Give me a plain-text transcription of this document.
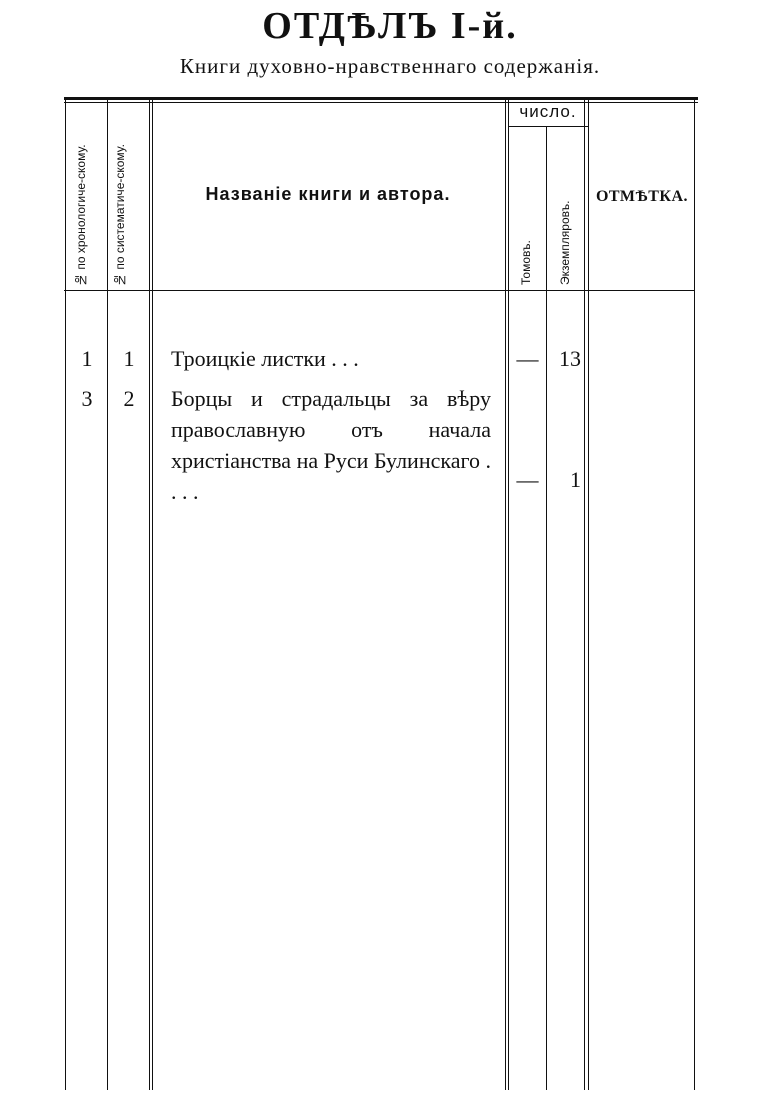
ОТДѢЛЪ I-й.
Книги духовно-нравственнаго содержанія.
№ по хронологиче-скому.	№ по систематиче-скому.	Названіе книги и автора.
число.
Томовъ. Экземпляровъ.
ОТМѢТКА.
1	1	Троицкіе листки . . .	— 13
3	2	Борцы и страдальцы за вѣру православную отъ начала христіанства на Руси Булинскаго . . . .	—	1
